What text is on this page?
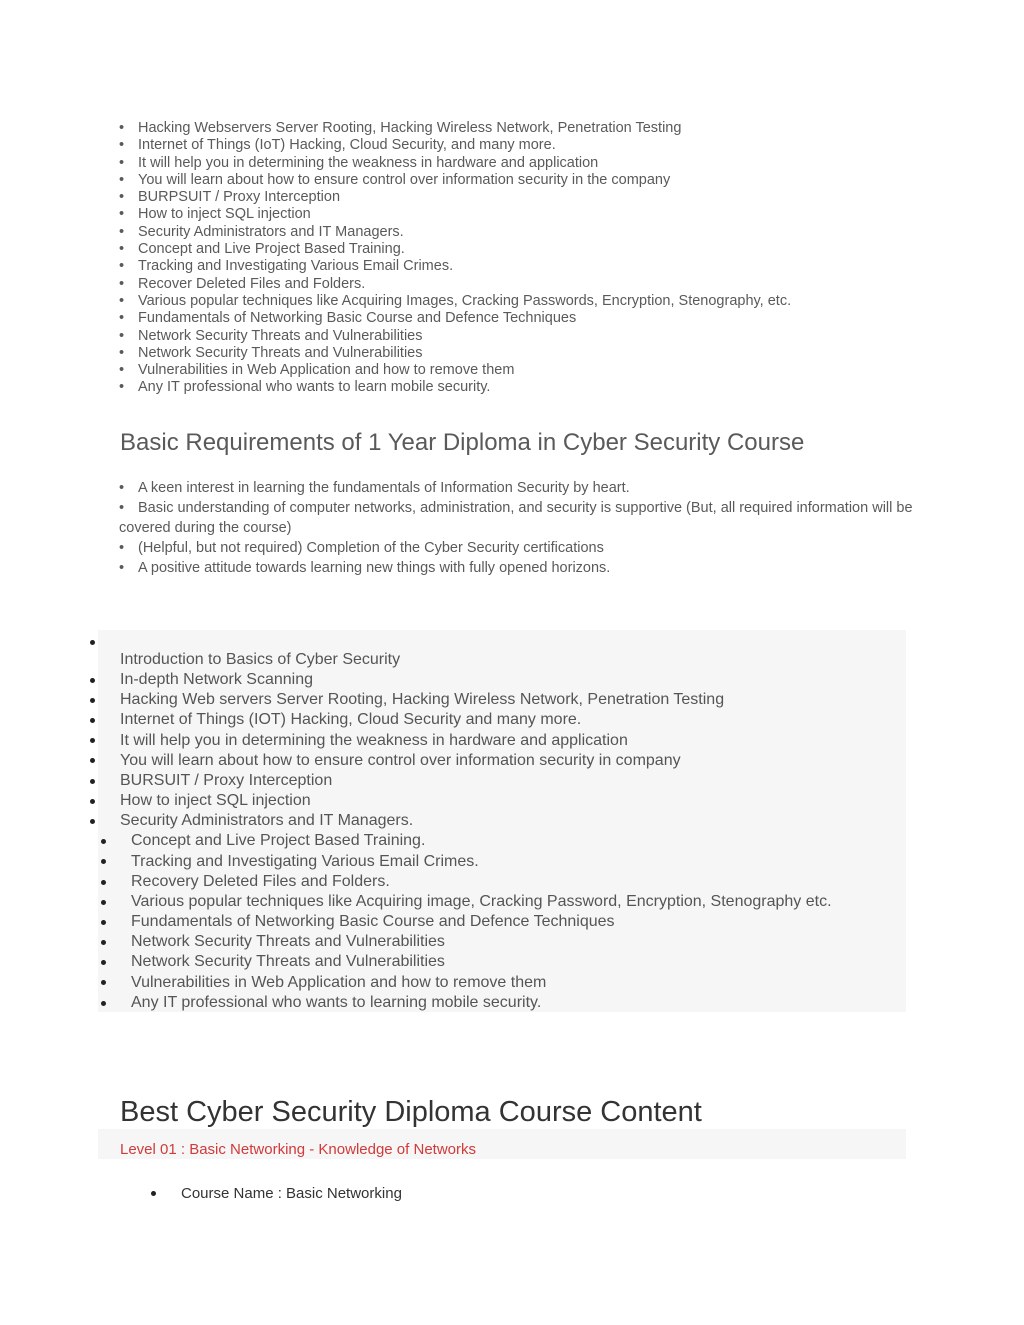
• Hacking Webservers Server Rooting, Hacking Wireless Network, Penetration Testing
• Internet of Things (IoT) Hacking, Cloud Security, and many more.
• It will help you in determining the weakness in hardware and application
• You will learn about how to ensure control over information security in the company
• BURPSUIT / Proxy Interception
• How to inject SQL injection
• Security Administrators and IT Managers.
• Concept and Live Project Based Training.
• Tracking and Investigating Various Email Crimes.
• Recover Deleted Files and Folders.
• Various popular techniques like Acquiring Images, Cracking Passwords, Encryption, Stenography, etc.
• Fundamentals of Networking Basic Course and Defence Techniques
• Network Security Threats and Vulnerabilities
• Network Security Threats and Vulnerabilities
• Vulnerabilities in Web Application and how to remove them
• Any IT professional who wants to learn mobile security.
Basic Requirements of 1 Year Diploma in Cyber Security Course
• A keen interest in learning the fundamentals of Information Security by heart.
• Basic understanding of computer networks, administration, and security is supportive (But, all required information will be covered during the course)
• (Helpful, but not required) Completion of the Cyber Security certifications
• A positive attitude towards learning new things with fully opened horizons.
Introduction to Basics of Cyber Security
In-depth Network Scanning
Hacking Web servers Server Rooting, Hacking Wireless Network, Penetration Testing
Internet of Things (IOT) Hacking, Cloud Security and many more.
It will help you in determining the weakness in hardware and application
You will learn about how to ensure control over information security in company
BURSUIT / Proxy Interception
How to inject SQL injection
Security Administrators and IT Managers.
Concept and Live Project Based Training.
Tracking and Investigating Various Email Crimes.
Recovery Deleted Files and Folders.
Various popular techniques like Acquiring image, Cracking Password, Encryption, Stenography etc.
Fundamentals of Networking Basic Course and Defence Techniques
Network Security Threats and Vulnerabilities
Network Security Threats and Vulnerabilities
Vulnerabilities in Web Application and how to remove them
Any IT professional who wants to learning mobile security.
Best Cyber Security Diploma Course Content
Level 01 : Basic Networking - Knowledge of Networks
Course Name : Basic Networking
